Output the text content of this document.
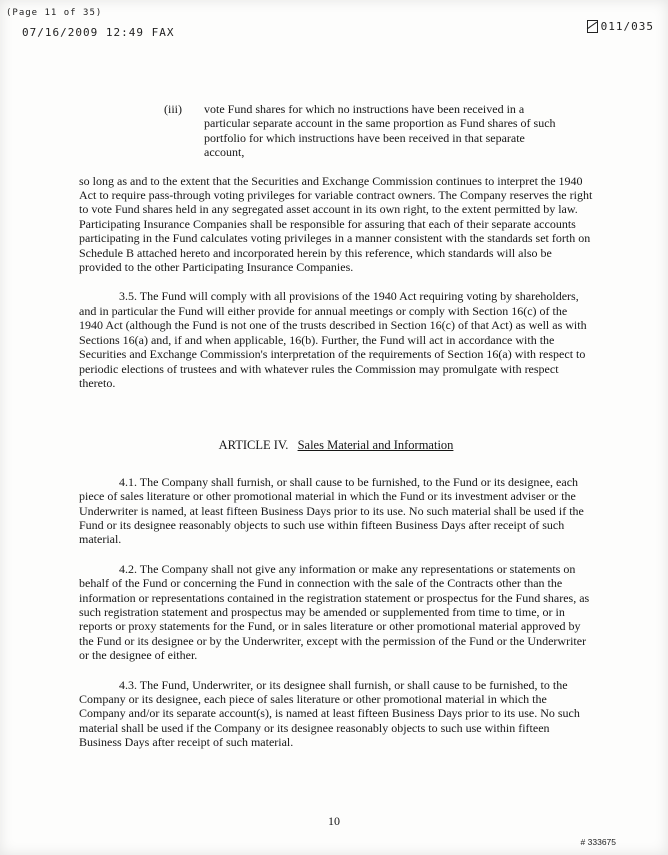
(Page 11 of 35)
07/16/2009 12:49 FAX	011/035
(iii)	vote Fund shares for which no instructions have been received in a particular separate account in the same proportion as Fund shares of such portfolio for which instructions have been received in that separate account,

so long as and to the extent that the Securities and Exchange Commission continues to interpret the 1940 Act to require pass-through voting privileges for variable contract owners. The Company reserves the right to vote Fund shares held in any segregated asset account in its own right, to the extent permitted by law. Participating Insurance Companies shall be responsible for assuring that each of their separate accounts participating in the Fund calculates voting privileges in a manner consistent with the standards set forth on Schedule B attached hereto and incorporated herein by this reference, which standards will also be provided to the other Participating Insurance Companies.

3.5. The Fund will comply with all provisions of the 1940 Act requiring voting by shareholders, and in particular the Fund will either provide for annual meetings or comply with Section 16(c) of the 1940 Act (although the Fund is not one of the trusts described in Section 16(c) of that Act) as well as with Sections 16(a) and, if and when applicable, 16(b). Further, the Fund will act in accordance with the Securities and Exchange Commission's interpretation of the requirements of Section 16(a) with respect to periodic elections of trustees and with whatever rules the Commission may promulgate with respect thereto.

ARTICLE IV. Sales Material and Information

4.1. The Company shall furnish, or shall cause to be furnished, to the Fund or its designee, each piece of sales literature or other promotional material in which the Fund or its investment adviser or the Underwriter is named, at least fifteen Business Days prior to its use. No such material shall be used if the Fund or its designee reasonably objects to such use within fifteen Business Days after receipt of such material.

4.2. The Company shall not give any information or make any representations or statements on behalf of the Fund or concerning the Fund in connection with the sale of the Contracts other than the information or representations contained in the registration statement or prospectus for the Fund shares, as such registration statement and prospectus may be amended or supplemented from time to time, or in reports or proxy statements for the Fund, or in sales literature or other promotional material approved by the Fund or its designee or by the Underwriter, except with the permission of the Fund or the Underwriter or the designee of either.

4.3. The Fund, Underwriter, or its designee shall furnish, or shall cause to be furnished, to the Company or its designee, each piece of sales literature or other promotional material in which the Company and/or its separate account(s), is named at least fifteen Business Days prior to its use. No such material shall be used if the Company or its designee reasonably objects to such use within fifteen Business Days after receipt of such material.

10
# 333675
